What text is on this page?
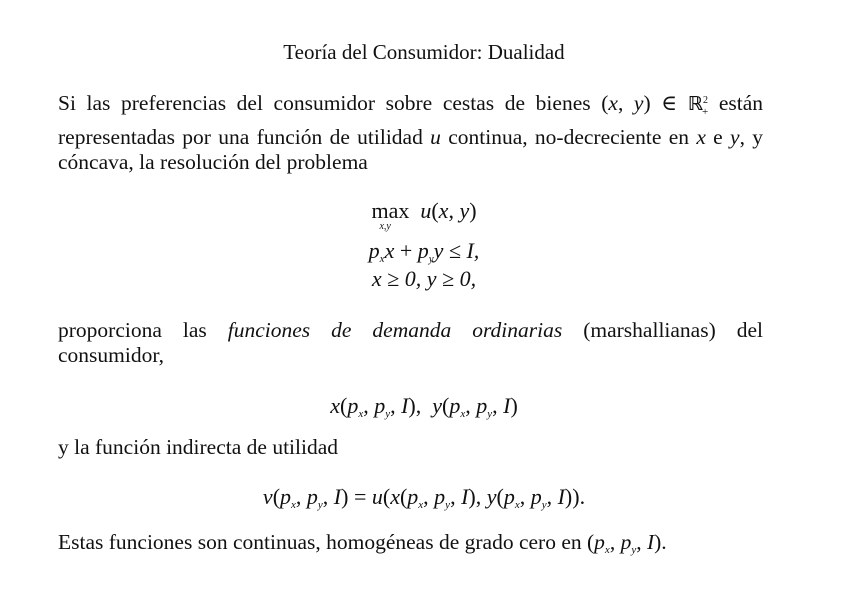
Teoría del Consumidor: Dualidad
Si las preferencias del consumidor sobre cestas de bienes (x, y) ∈ ℝ$^2_+$ están representadas por una función de utilidad u continua, no-decreciente en x e y, y cóncava, la resolución del problema
max
x,y
u(x, y)
$p_xx + p_yy \le I$,
x ≥ 0, y ≥ 0,
proporciona las funciones de demanda ordinarias (marshallianas) del consumidor,
$x(p_x$, $p_y$, I),  $y(p_x$, $p_y$, I)
y la función indirecta de utilidad
$v(p_x$, $p_y$, $I) = u(x(p_x$, $p_y$, I), $y(p_x$, $p_y$, I)).
Estas funciones son continuas, homogéneas de grado cero en ($p_x$, $p_y$, I).
